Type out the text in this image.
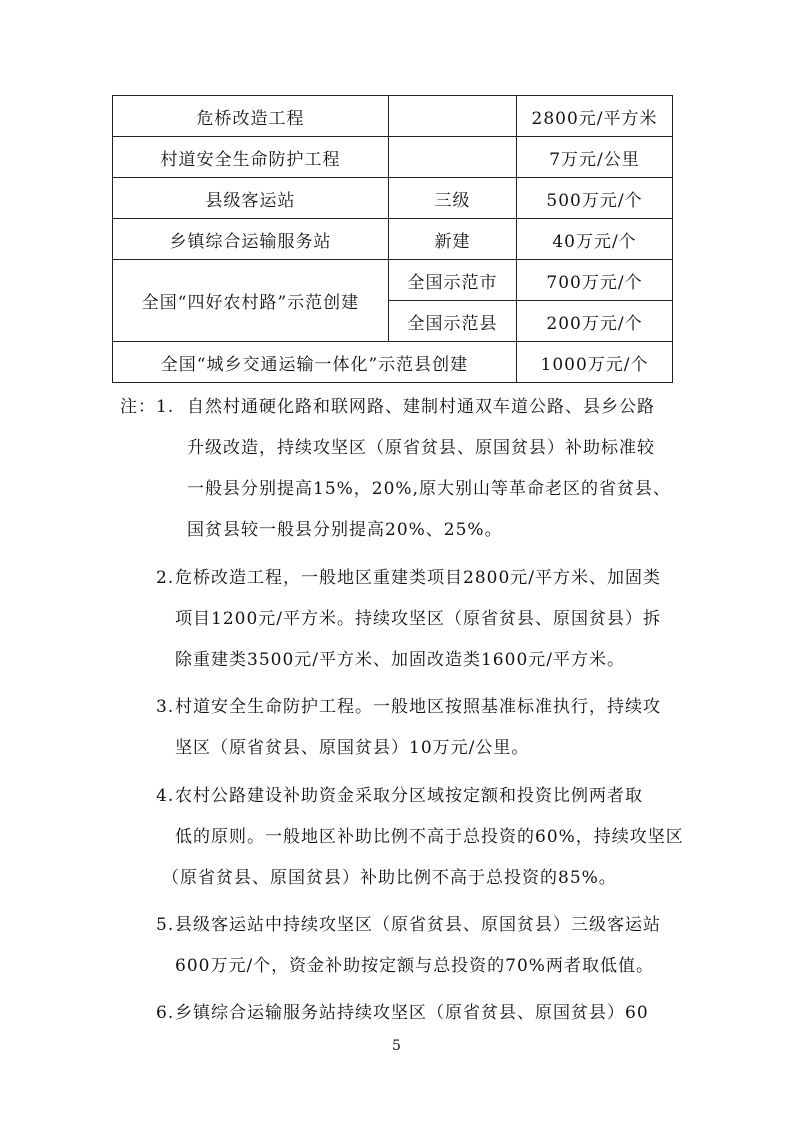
危桥改造工程		2800元/平方米
村道安全生命防护工程		7万元/公里
县级客运站	三级	500万元/个
乡镇综合运输服务站	新建	40万元/个
全国“四好农村路”示范创建	全国示范市	700万元/个
	全国示范县	200万元/个
全国“城乡交通运输一体化”示范县创建		1000万元/个
注： 1. 自然村通硬化路和联网路、建制村通双车道公路、县乡公路
升级改造，持续攻坚区（原省贫县、原国贫县）补助标准较
一般县分别提高15%，20%,原大别山等革命老区的省贫县、
国贫县较一般县分别提高20%、25%。
2. 危桥改造工程，一般地区重建类项目2800元/平方米、加固类
项目1200元/平方米。持续攻坚区（原省贫县、原国贫县）拆
除重建类3500元/平方米、加固改造类1600元/平方米。
3. 村道安全生命防护工程。一般地区按照基准标准执行，持续攻
坚区（原省贫县、原国贫县）10万元/公里。
4. 农村公路建设补助资金采取分区域按定额和投资比例两者取
低的原则。一般地区补助比例不高于总投资的60%，持续攻坚区
（原省贫县、原国贫县）补助比例不高于总投资的85%。
5. 县级客运站中持续攻坚区（原省贫县、原国贫县）三级客运站
600万元/个，资金补助按定额与总投资的70%两者取低值。
6. 乡镇综合运输服务站持续攻坚区（原省贫县、原国贫县）60
5
